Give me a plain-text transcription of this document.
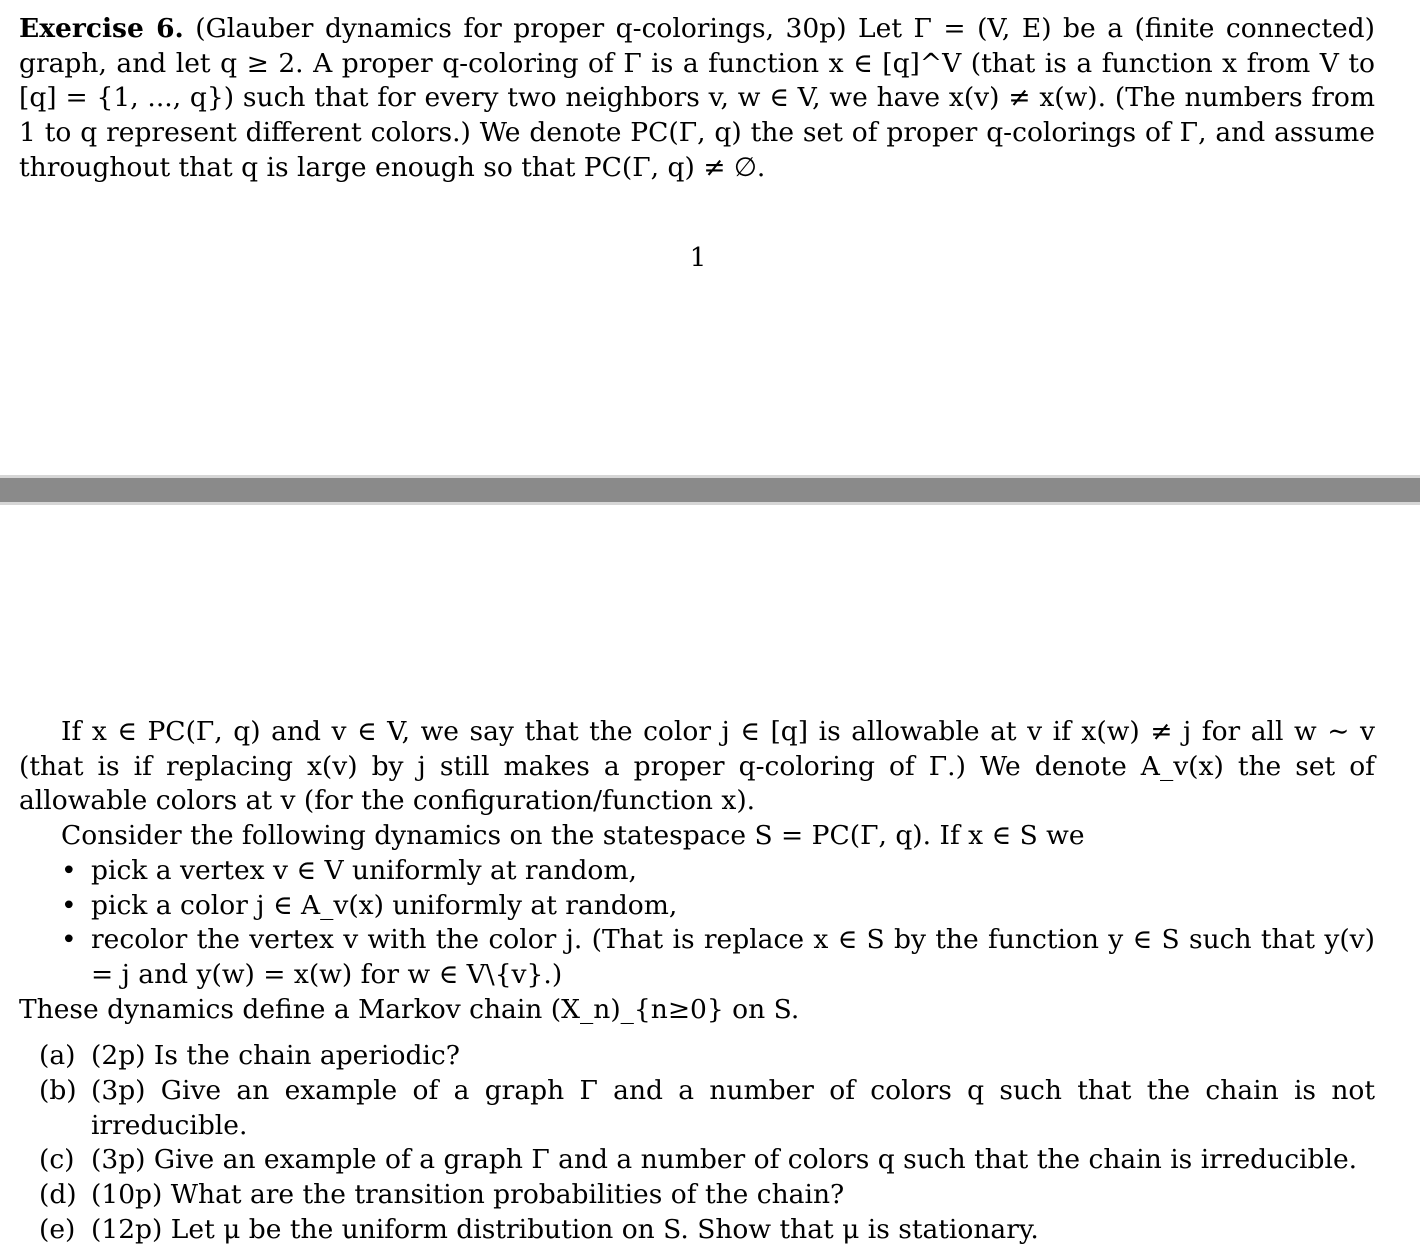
Exercise 6. (Glauber dynamics for proper q-colorings, 30p) Let Γ = (V, E) be a (finite connected) graph, and let q ≥ 2. A proper q-coloring of Γ is a function x ∈ [q]^V (that is a function x from V to [q] = {1, ..., q}) such that for every two neighbors v, w ∈ V, we have x(v) ≠ x(w). (The numbers from 1 to q represent different colors.) We denote PC(Γ, q) the set of proper q-colorings of Γ, and assume throughout that q is large enough so that PC(Γ, q) ≠ ∅.
1
If x ∈ PC(Γ, q) and v ∈ V, we say that the color j ∈ [q] is allowable at v if x(w) ≠ j for all w ∼ v (that is if replacing x(v) by j still makes a proper q-coloring of Γ.) We denote A_v(x) the set of allowable colors at v (for the configuration/function x).
Consider the following dynamics on the statespace S = PC(Γ, q). If x ∈ S we
• pick a vertex v ∈ V uniformly at random,
• pick a color j ∈ A_v(x) uniformly at random,
• recolor the vertex v with the color j. (That is replace x ∈ S by the function y ∈ S such that y(v) = j and y(w) = x(w) for w ∈ V\{v}.)
These dynamics define a Markov chain (X_n)_{n≥0} on S.
(a) (2p) Is the chain aperiodic?
(b) (3p) Give an example of a graph Γ and a number of colors q such that the chain is not irreducible.
(c) (3p) Give an example of a graph Γ and a number of colors q such that the chain is irreducible.
(d) (10p) What are the transition probabilities of the chain?
(e) (12p) Let μ be the uniform distribution on S. Show that μ is stationary.
